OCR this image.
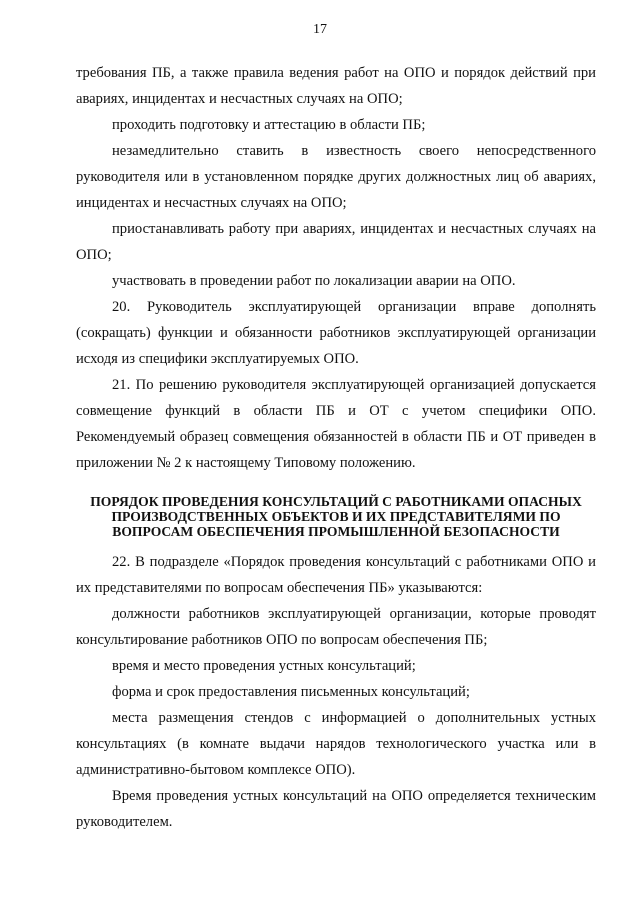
17

требования ПБ, а также правила ведения работ на ОПО и порядок действий при авариях, инцидентах и несчастных случаях на ОПО;

проходить подготовку и аттестацию в области ПБ;

незамедлительно ставить в известность своего непосредственного руководителя или в установленном порядке других должностных лиц об авариях, инцидентах и несчастных случаях на ОПО;

приостанавливать работу при авариях, инцидентах и несчастных случаях на ОПО;

участвовать в проведении работ по локализации аварии на ОПО.

20. Руководитель эксплуатирующей организации вправе дополнять (сокращать) функции и обязанности работников эксплуатирующей организации исходя из специфики эксплуатируемых ОПО.

21. По решению руководителя эксплуатирующей организацией допускается совмещение функций в области ПБ и ОТ с учетом специфики ОПО. Рекомендуемый образец совмещения обязанностей в области ПБ и ОТ приведен в приложении № 2 к настоящему Типовому положению.

ПОРЯДОК ПРОВЕДЕНИЯ КОНСУЛЬТАЦИЙ С РАБОТНИКАМИ ОПАСНЫХ ПРОИЗВОДСТВЕННЫХ ОБЪЕКТОВ И ИХ ПРЕДСТАВИТЕЛЯМИ ПО ВОПРОСАМ ОБЕСПЕЧЕНИЯ ПРОМЫШЛЕННОЙ БЕЗОПАСНОСТИ

22. В подразделе «Порядок проведения консультаций с работниками ОПО и их представителями по вопросам обеспечения ПБ» указываются:

должности работников эксплуатирующей организации, которые проводят консультирование работников ОПО по вопросам обеспечения ПБ;

время и место проведения устных консультаций;

форма и срок предоставления письменных консультаций;

места размещения стендов с информацией о дополнительных устных консультациях (в комнате выдачи нарядов технологического участка или в административно-бытовом комплексе ОПО).

Время проведения устных консультаций на ОПО определяется техническим руководителем.
